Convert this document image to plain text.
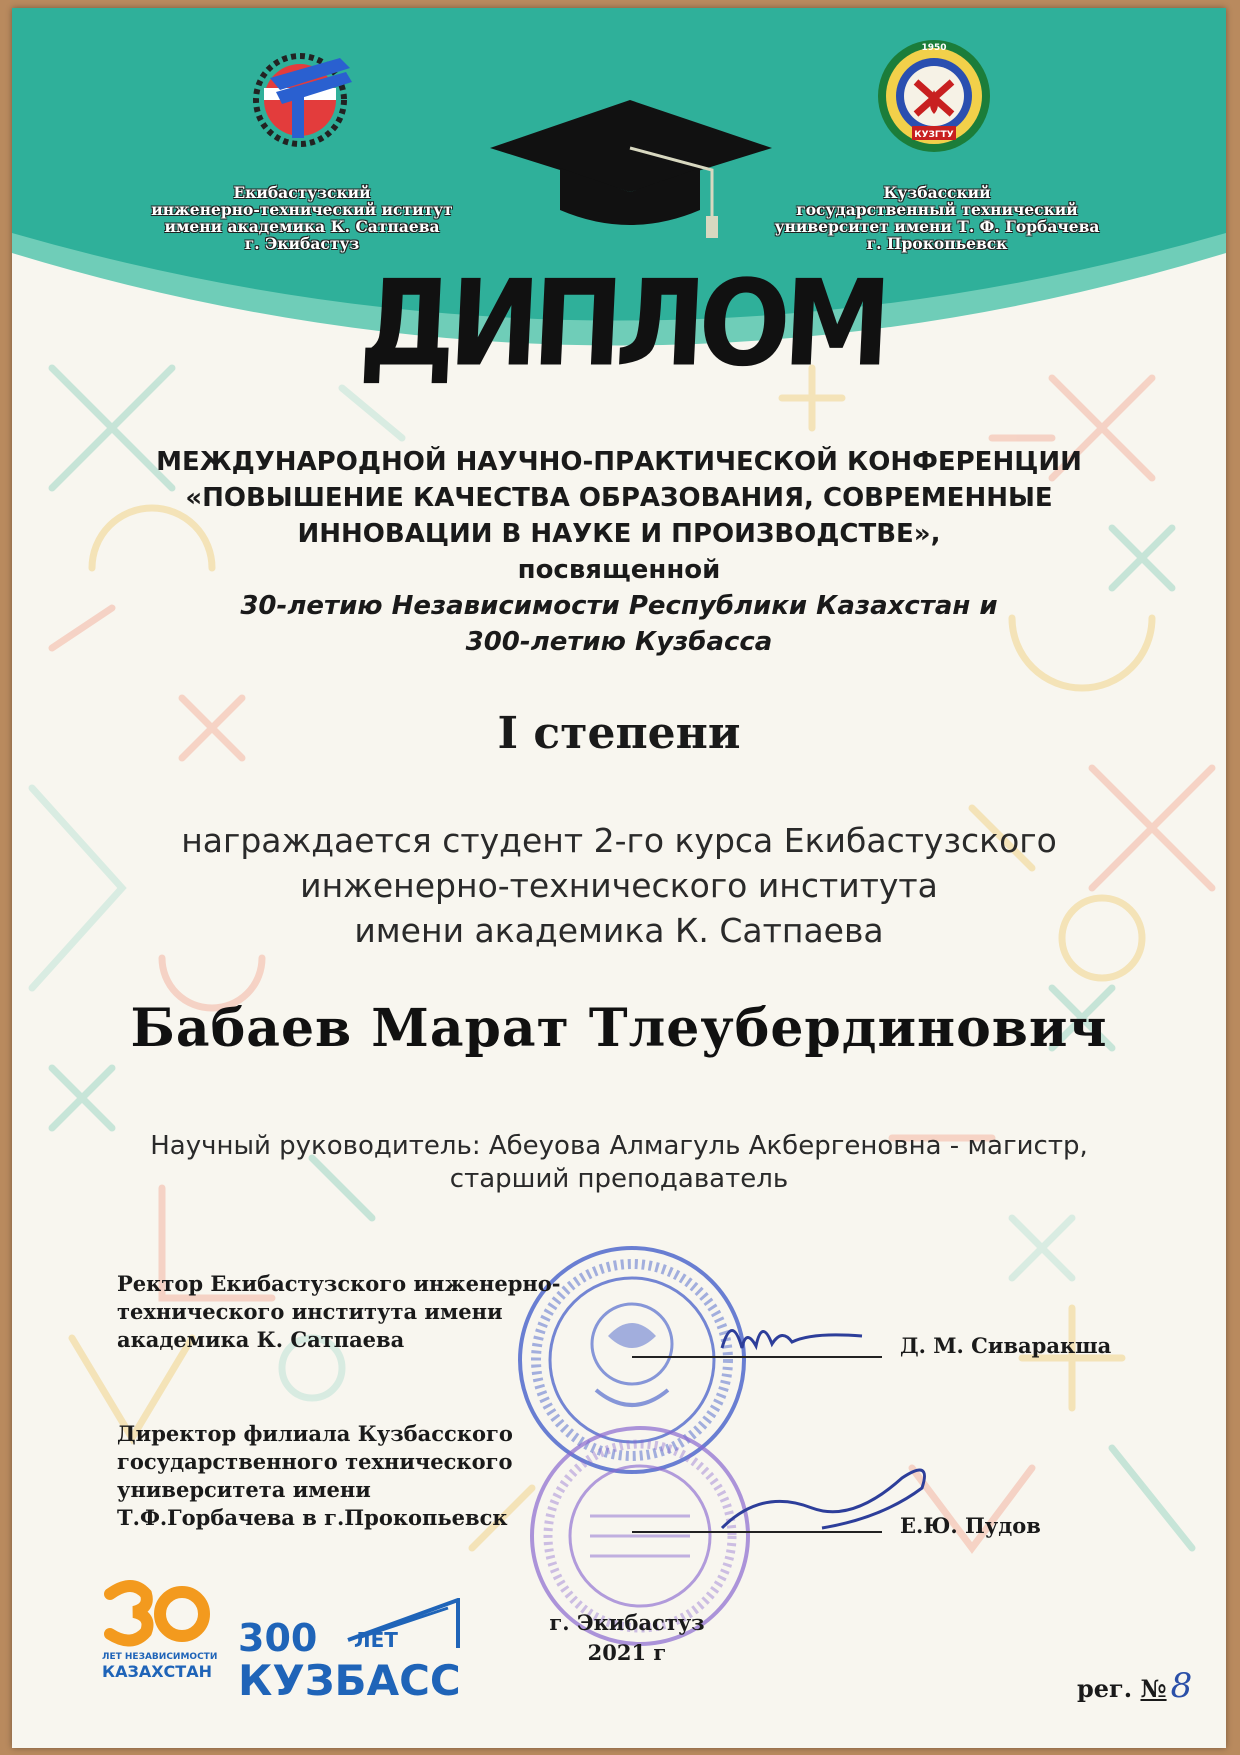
Екибастузский
инженерно-технический иститут
имени академика К. Сатпаева
г. Экибастуз
КУЗГТУ
1950
Кузбасский
государственный технический
университет имени Т. Ф. Горбачева
г. Прокопьевск
ДИПЛОМ
МЕЖДУНАРОДНОЙ НАУЧНО-ПРАКТИЧЕСКОЙ КОНФЕРЕНЦИИ
«ПОВЫШЕНИЕ КАЧЕСТВА ОБРАЗОВАНИЯ, СОВРЕМЕННЫЕ
ИННОВАЦИИ В НАУКЕ И ПРОИЗВОДСТВЕ»,
посвященной
30-летию Независимости Республики Казахстан и
300-летию Кузбасса
I степени
награждается студент 2-го курса Екибастузского
инженерно-технического института
имени академика К. Сатпаева
Бабаев Марат Тлеубердинович
Научный руководитель: Абеуова Алмагуль Акбергеновна - магистр,
старший преподаватель
Ректор Екибастузского инженерно-
технического института имени
академика К. Сатпаева	Д. М. Сиваракша
Директор филиала Кузбасского
государственного технического
университета имени
Т.Ф.Горбачева в г.Прокопьевск	Е.Ю. Пудов
ЛЕТ НЕЗАВИСИМОСТИ
КАЗАХСТАН
300 ЛЕТ
КУЗБАСС
г. Экибастуз
2021 г
рег. № 8
